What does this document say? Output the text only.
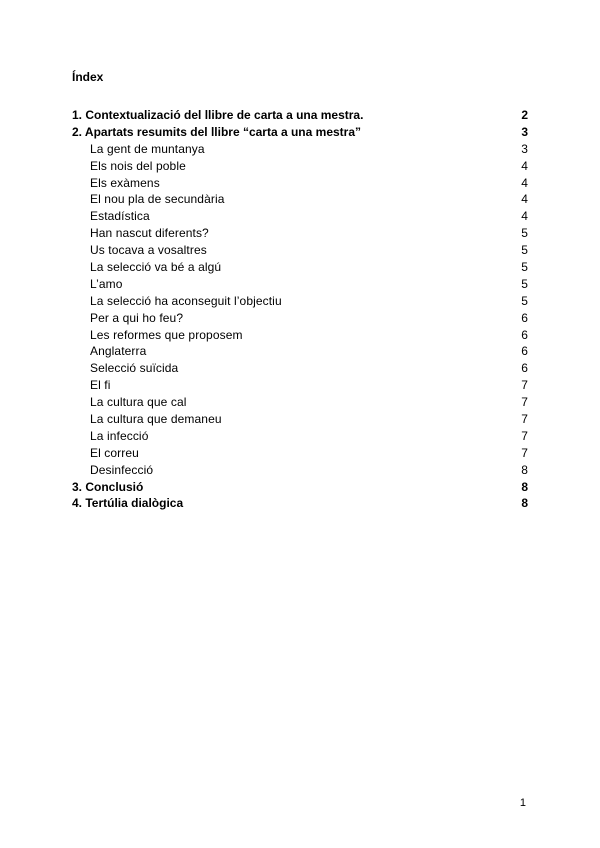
Índex
1. Contextualizació del llibre de carta a una mestra.	2
2. Apartats resumits del llibre “carta a una mestra”	3
La gent de muntanya	3
Els nois del poble	4
Els exàmens	4
El nou pla de secundària	4
Estadística	4
Han nascut diferents?	5
Us tocava a vosaltres	5
La selecció va bé a algú	5
L’amo	5
La selecció ha aconseguit l’objectiu	5
Per a qui ho feu?	6
Les reformes que proposem	6
Anglaterra	6
Selecció suïcida	6
El fi	7
La cultura que cal	7
La cultura que demaneu	7
La infecció	7
El correu	7
Desinfecció	8
3. Conclusió	8
4. Tertúlia dialògica	8
1
